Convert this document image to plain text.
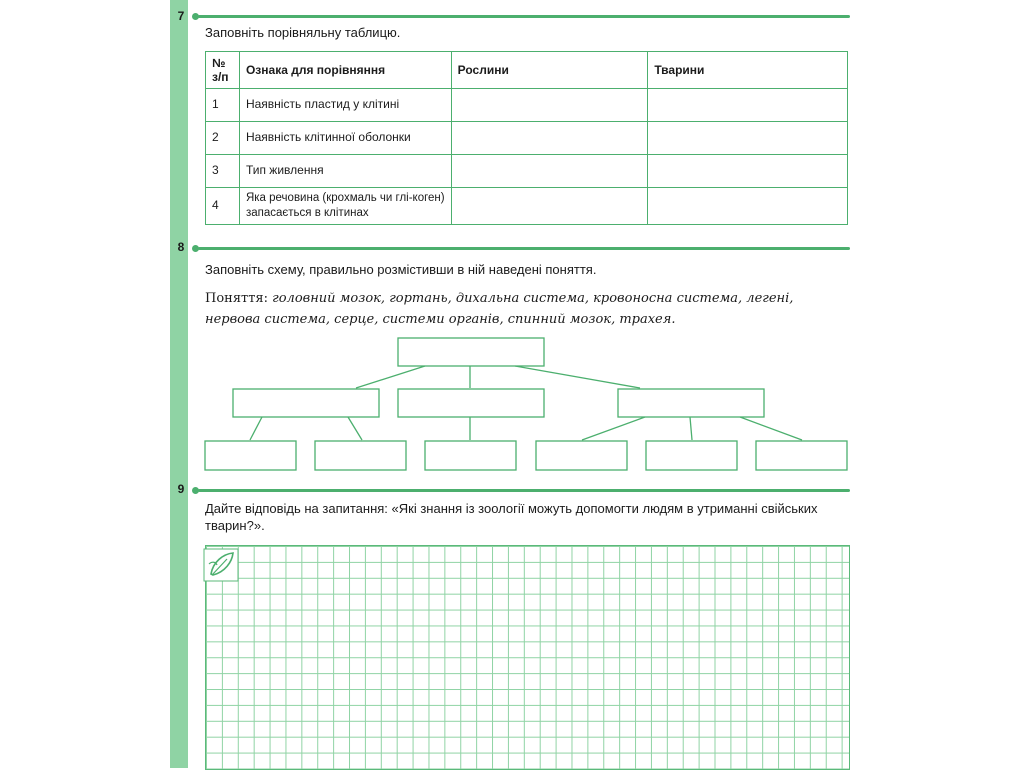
7
Заповніть порівняльну таблицю.
№ з/п	Ознака для порівняння	Рослини	Тварини
1	Наявність пластид у клітині		
2	Наявність клітинної оболонки		
3	Тип живлення		
4	Яка речовина (крохмаль чи глі-коген) запасається в клітинах		
8
Заповніть схему, правильно розмістивши в ній наведені поняття.
Поняття: головний мозок, гортань, дихальна система, кровоносна система, легені, нервова система, серце, системи органів, спинний мозок, трахея.
9
Дайте відповідь на запитання: «Які знання із зоології можуть допомогти людям в утриманні свійських тварин?».
